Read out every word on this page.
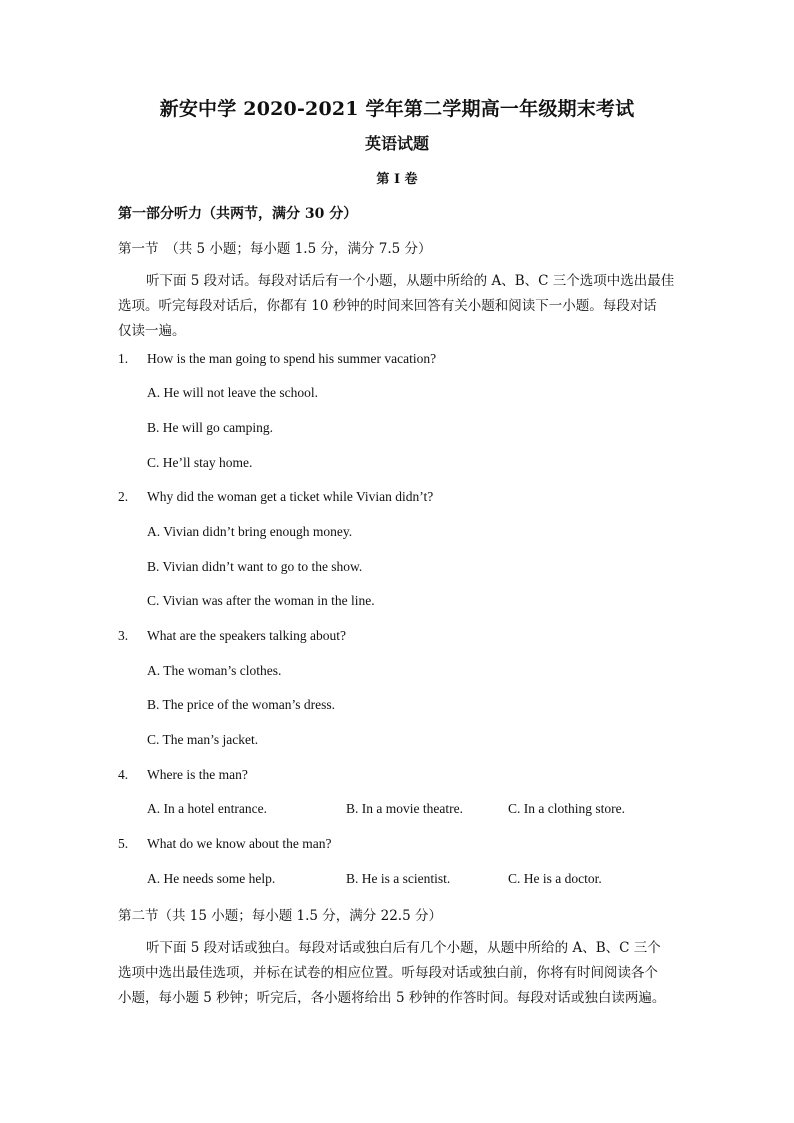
新安中学 2020-2021 学年第二学期高一年级期末考试
英语试题
第 I 卷
第一部分听力（共两节，满分 30 分）
第一节　（共 5 小题；每小题 1.5 分，满分 7.5 分）
听下面 5 段对话。每段对话后有一个小题，从题中所给的 A、B、C 三个选项中选出最佳
选项。听完每段对话后，你都有 10 秒钟的时间来回答有关小题和阅读下一小题。每段对话
仅读一遍。
1. How is the man going to spend his summer vacation?
A. He will not leave the school.
B. He will go camping.
C. He’ll stay home.
2. Why did the woman get a ticket while Vivian didn’t?
A. Vivian didn’t bring enough money.
B. Vivian didn’t want to go to the show.
C. Vivian was after the woman in the line.
3. What are the speakers talking about?
A. The woman’s clothes.
B. The price of the woman’s dress.
C. The man’s jacket.
4. Where is the man?
A. In a hotel entrance.	B. In a movie theatre.	C. In a clothing store.
5. What do we know about the man?
A. He needs some help.	B. He is a scientist.	C. He is a doctor.
第二节（共 15 小题；每小题 1.5 分，满分 22.5 分）
听下面 5 段对话或独白。每段对话或独白后有几个小题，从题中所给的 A、B、C 三个
选项中选出最佳选项，并标在试卷的相应位置。听每段对话或独白前，你将有时间阅读各个
小题，每小题 5 秒钟；听完后，各小题将给出 5 秒钟的作答时间。每段对话或独白读两遍。
